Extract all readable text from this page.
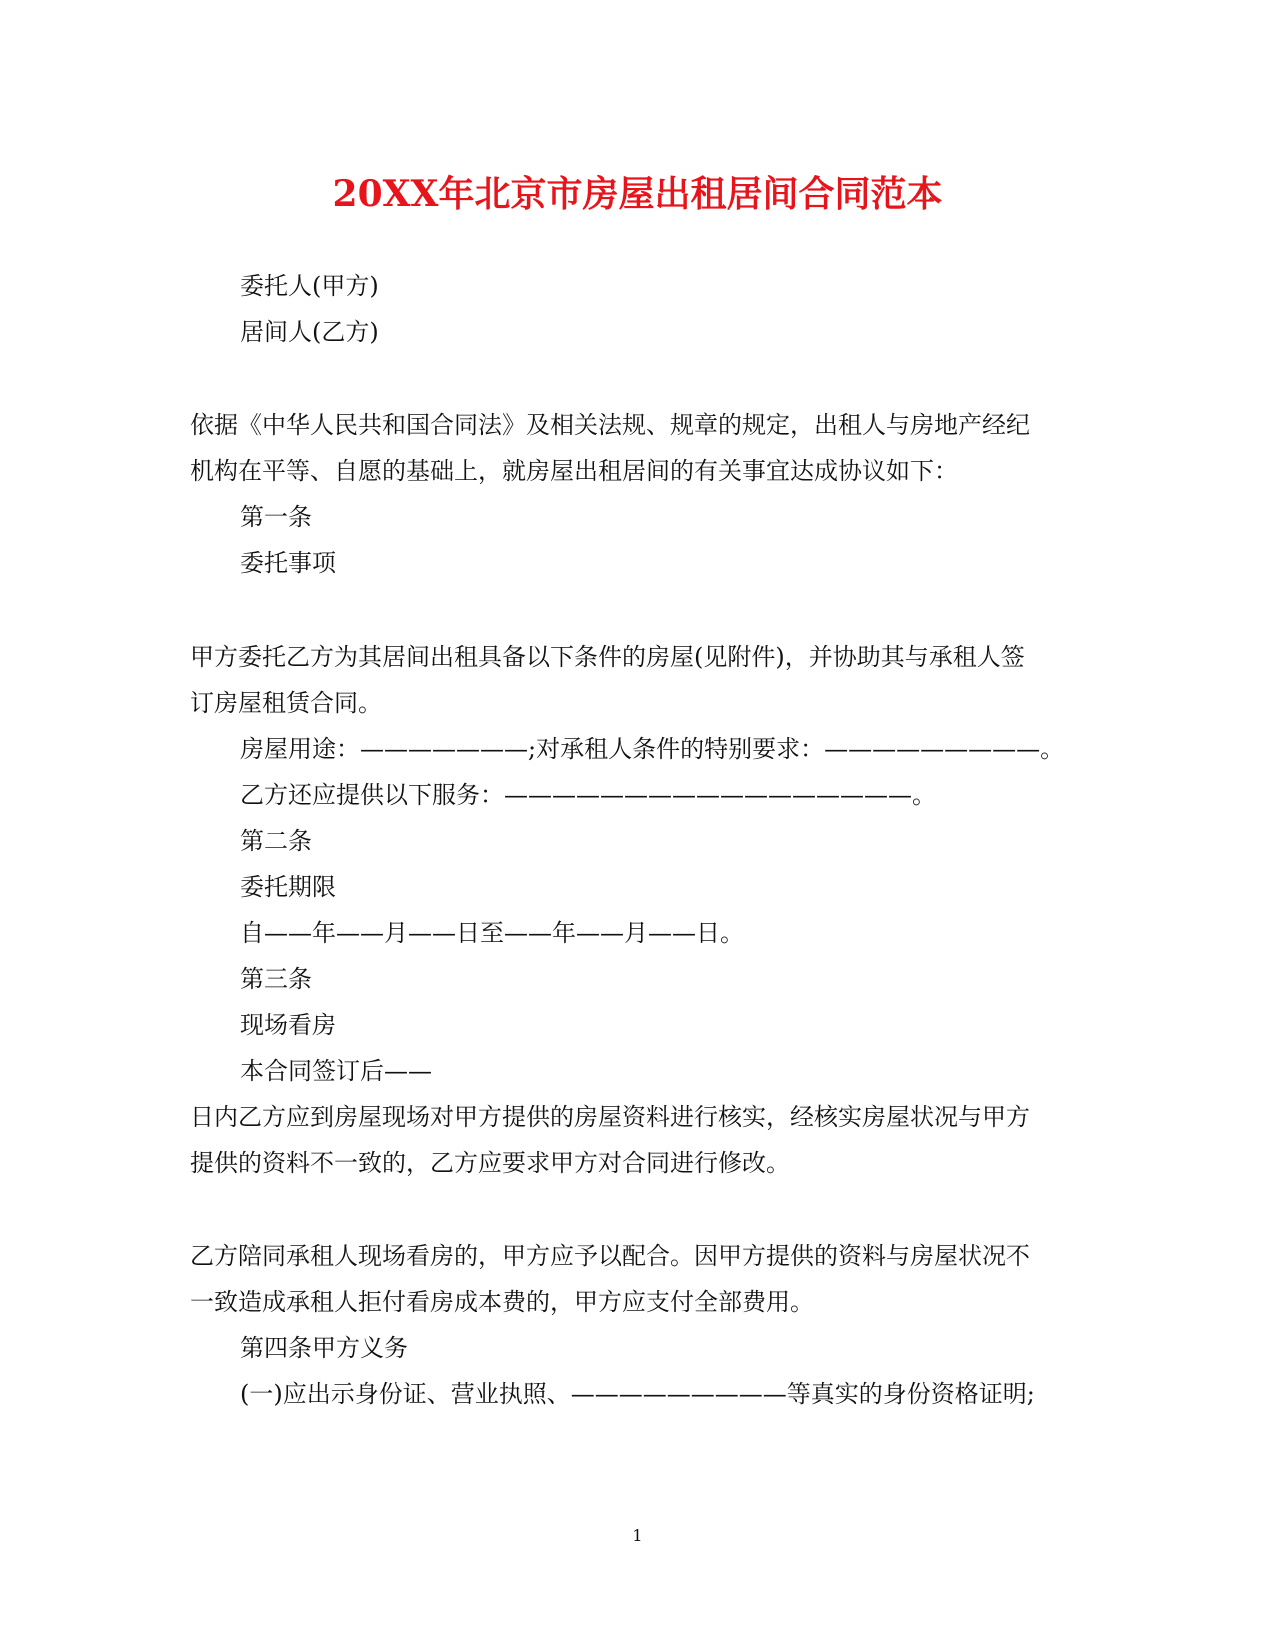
20XX年北京市房屋出租居间合同范本
委托人(甲方)
居间人(乙方)
依据《中华人民共和国合同法》及相关法规、规章的规定，出租人与房地产经纪
机构在平等、自愿的基础上，就房屋出租居间的有关事宜达成协议如下：
第一条
委托事项
甲方委托乙方为其居间出租具备以下条件的房屋(见附件)，并协助其与承租人签
订房屋租赁合同。
房屋用途：———————;对承租人条件的特别要求：—————————。
乙方还应提供以下服务：—————————————————。
第二条
委托期限
自——年——月——日至——年——月——日。
第三条
现场看房
本合同签订后——
日内乙方应到房屋现场对甲方提供的房屋资料进行核实，经核实房屋状况与甲方
提供的资料不一致的，乙方应要求甲方对合同进行修改。
乙方陪同承租人现场看房的，甲方应予以配合。因甲方提供的资料与房屋状况不
一致造成承租人拒付看房成本费的，甲方应支付全部费用。
第四条甲方义务
(一)应出示身份证、营业执照、—————————等真实的身份资格证明;
1
